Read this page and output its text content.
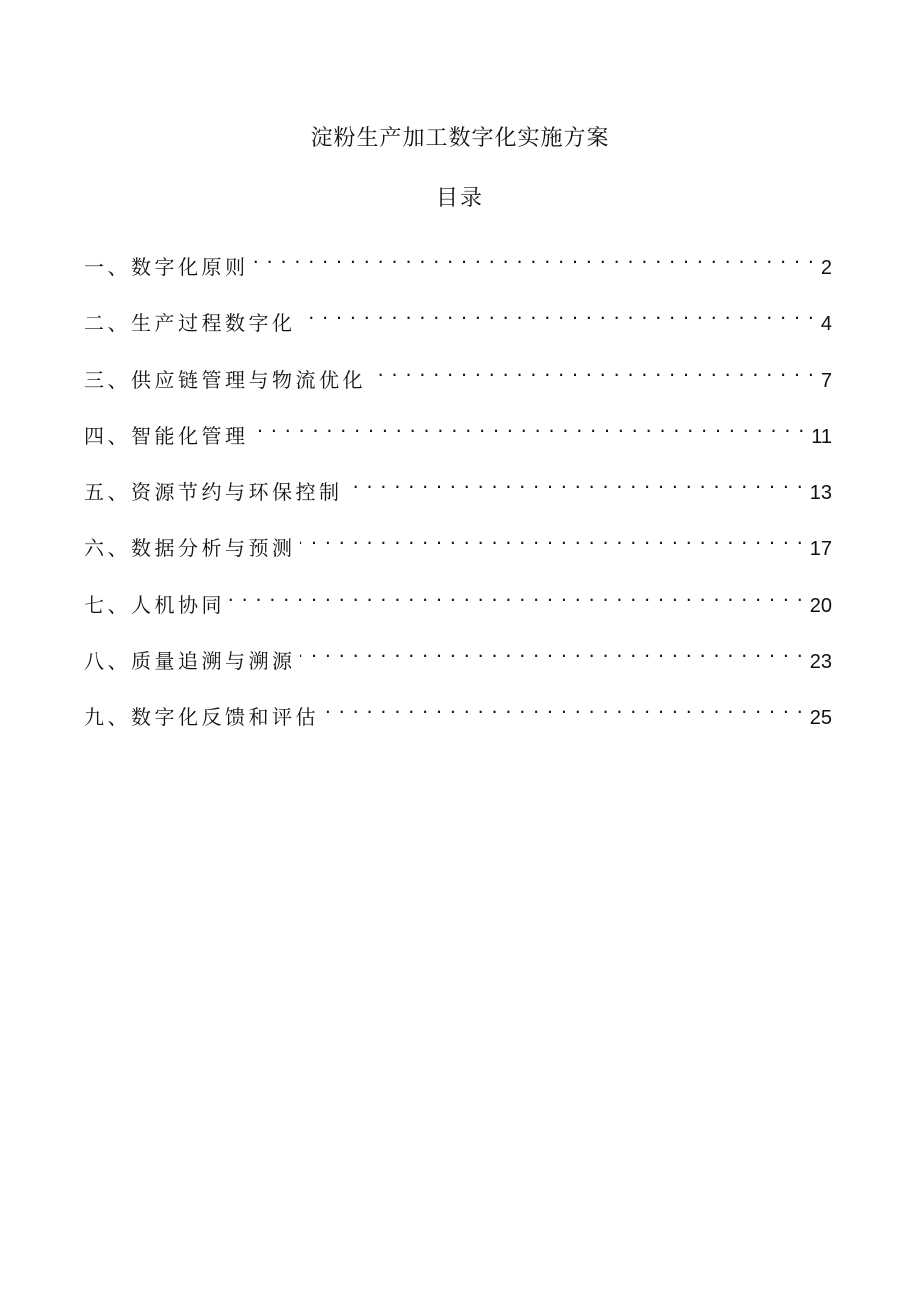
淀粉生产加工数字化实施方案
目录
一、数字化原则 . . .	2
二、生产过程数字化 . . .	4
三、供应链管理与物流优化 . . .	7
四、智能化管理 . . .	11
五、资源节约与环保控制 . . .	13
六、数据分析与预测 . . .	17
七、人机协同 . . .	20
八、质量追溯与溯源 . . .	23
九、数字化反馈和评估 . . .	25
